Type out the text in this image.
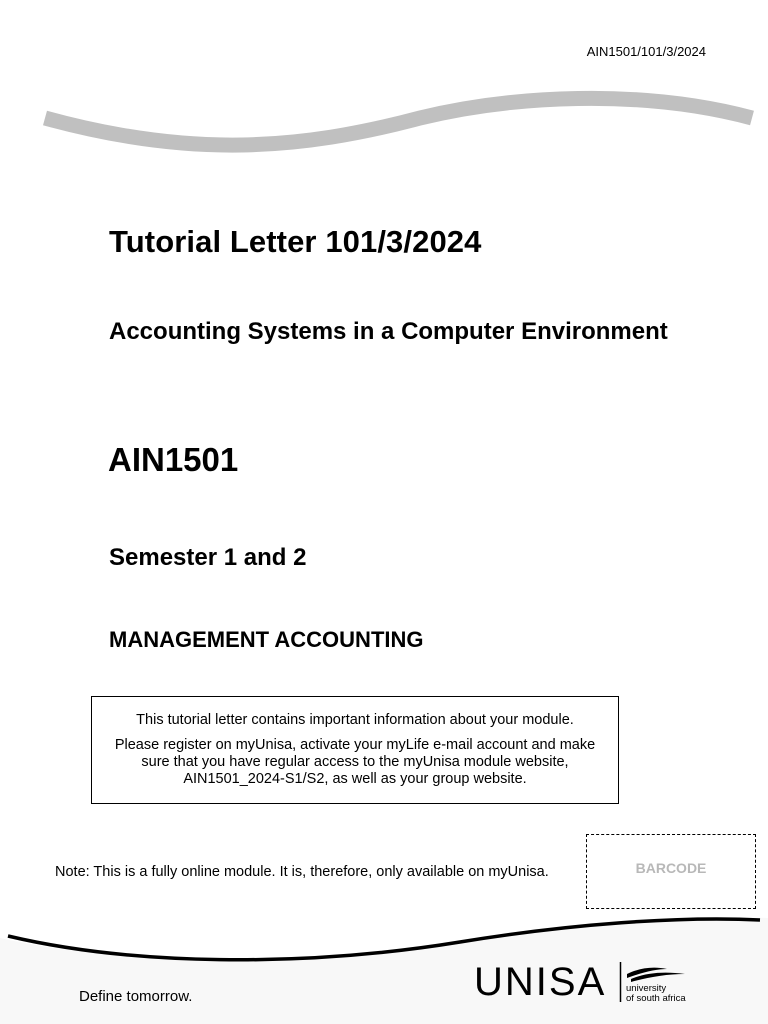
AIN1501/101/3/2024
Tutorial Letter 101/3/2024
Accounting Systems in a Computer Environment
AIN1501
Semester 1 and 2
MANAGEMENT ACCOUNTING

This tutorial letter contains important information about your module.

Please register on myUnisa, activate your myLife e-mail account and make sure that you have regular access to the myUnisa module website, AIN1501_2024-S1/S2, as well as your group website.

Note: This is a fully online module. It is, therefore, only available on myUnisa.	BARCODE
Define tomorrow.	UNISA university
of south africa
